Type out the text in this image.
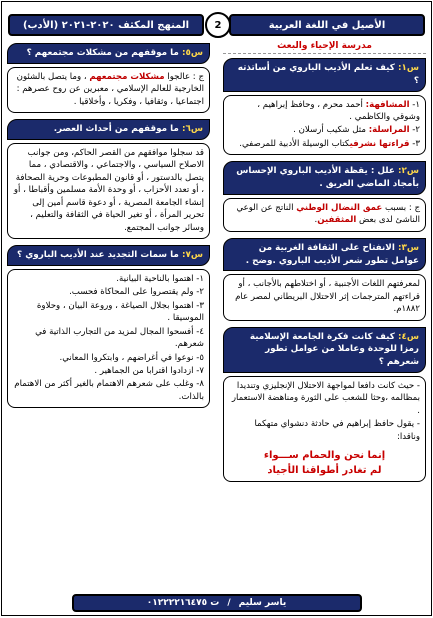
الأصيل في اللغة العربية
2
المنهج المكثف ٢٠٢٠-٢٠٢١ (الأدب)
مدرسة الإحياء والبعث
س١: كيف تعلم الأديب الباروي من أساتذته ؟

١- المشافهة: أحمد محرم ، وحافظ إبراهيم ، وشوقي والكاظمي .

٢- المراسلة: مثل شكيب أرسلان .

٣- قراءتها نشرفيكتاب الوسيلة الأدبية للمرصفي.

س٢: علل : يقظة الأديب الباروي الإحساس بأمجاد الماضي العريق .

ج : بسبب عمق النضال الوطني الناتج عن الوعي الناشئ لدى بعض المثقفين.

س٣: الانفتاح على الثقافة الغربية من عوامل تطور شعر الأديب الباروي .وضح .

لمعرفتهم اللغات الأجنبية ، أو اختلاطهم بالأجانب ، أو قراءتهم المترجمات إثر الاحتلال البريطاني لمصر عام ١٨٨٢م.

س٤: كيف كانت فكرة الجامعة الإسلامية رمزا للوحدة وعاملا من عوامل تطور شعرهم ؟

- حيث كانت دافعا لمواجهة الاحتلال الإنجليزي وتنديدا بمظالمه ،وحثا للشعب على الثورة ومناهضة الاستعمار .

- يقول حافظ إبراهيم في حادثة دنشواي متهكما وناقدا:

إنما نحن والحمام ســـواء
لم تغادر أطواقنا الأجياد
س٥: ما موقفهم من مشكلات مجتمعهم ؟

ج : عالجوا مشكلات مجتمعهم ، وما يتصل بالشئون الخارجية للعالم الإسلامي ، معبرين عن روح عصرهم : اجتماعيا ، وثقافيا ، وفكريا ، وأخلاقيا .

س٦: ما موقفهم من أحداث العصر.

قد سجلوا موافقهم من القصر الحاكم، ومن جوانب الاصلاح السياسي ، والاجتماعي ، والاقتصادي ، مما يتصل بالدستور ، أو قانون المطبوعات وحرية الصحافة ، أو تعدد الأحزاب ، أو وحدة الأمة مسلمين وأقباطا ، أو إنشاء الجامعة المصرية ، أو دعوة قاسم أمين إلى تحرير المرأة ، أو تغير الحياة في الثقافة والتعليم ، وسائر جوانب المجتمع.

س٧: ما سمات التجديد عند الأديب الباروي ؟

١- اهتموا بالناحية البيانية.

٢- ولم يقتصروا على المحاكاة فحسب.

٣- اهتموا بجلال الصياغة ، وروعة البيان ، وحلاوة الموسيقا .

٤- أفسحوا المجال لمزيد من التجارب الذاتية في شعرهم.

٥- نوعوا في أغراضهم ، وابتكروا المعاني.

٧- ازدادوا اقترابا من الجماهير .

٨- وغلب على شعرهم الاهتمام بالغير أكثر من الاهتمام بالذات.

ياسر سليم
/
ت ٠١٢٢٢٢١٦٤٧٥
